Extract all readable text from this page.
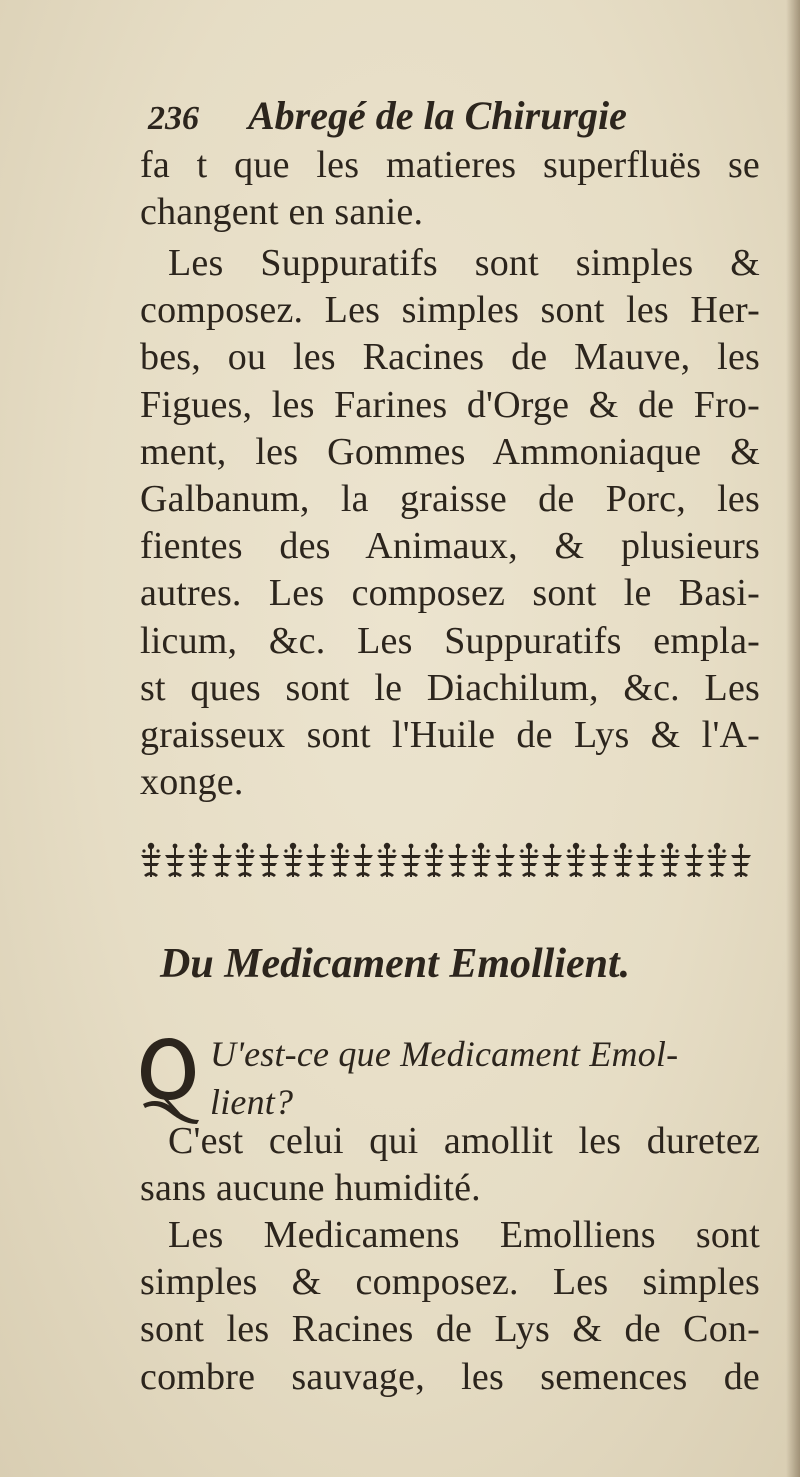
236 Abregé de la Chirurgie
fa t que les matieres superfluës se
changent en sanie.
Les Suppuratifs sont simples &
composez. Les simples sont les Her-
bes, ou les Racines de Mauve, les
Figues, les Farines d'Orge & de Fro-
ment, les Gommes Ammoniaque &
Galbanum, la graisse de Porc, les
fientes des Animaux, & plusieurs
autres. Les composez sont le Basi-
licum, &c. Les Suppuratifs empla-
st ques sont le Diachilum, &c. Les
graisseux sont l'Huile de Lys & l'A-
xonge.
Du Medicament Emollient.
U'est-ce que Medicament Emol-
lient?
C'est celui qui amollit les duretez
sans aucune humidité.
Les Medicamens Emolliens sont
simples & composez. Les simples
sont les Racines de Lys & de Con-
combre sauvage, les semences de
